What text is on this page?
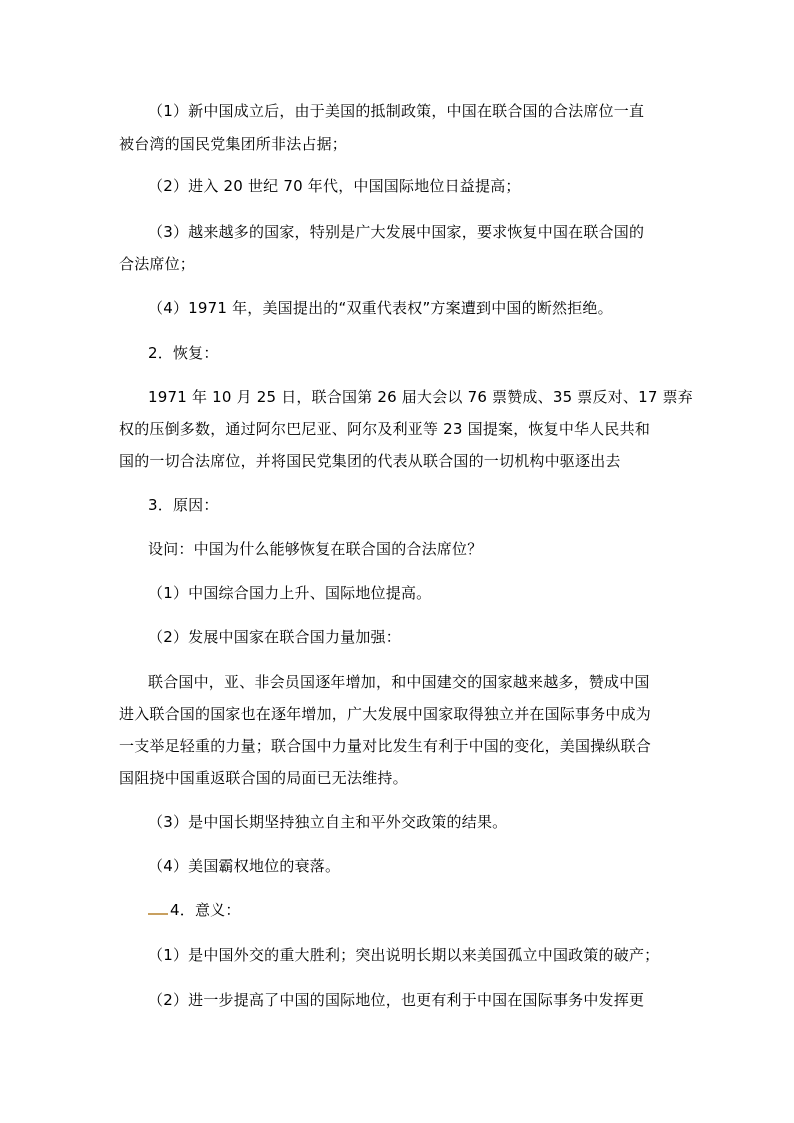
（1）新中国成立后，由于美国的抵制政策，中国在联合国的合法席位一直
被台湾的国民党集团所非法占据；
（2）进入 20 世纪 70 年代，中国国际地位日益提高；
（3）越来越多的国家，特别是广大发展中国家，要求恢复中国在联合国的
合法席位；
（4）1971 年，美国提出的“双重代表权”方案遭到中国的断然拒绝。
2．恢复：
1971 年 10 月 25 日，联合国第 26 届大会以 76 票赞成、35 票反对、17 票弃
权的压倒多数，通过阿尔巴尼亚、阿尔及利亚等 23 国提案，恢复中华人民共和
国的一切合法席位，并将国民党集团的代表从联合国的一切机构中驱逐出去
3．原因：
设问：中国为什么能够恢复在联合国的合法席位？
（1）中国综合国力上升、国际地位提高。
（2）发展中国家在联合国力量加强：
联合国中，亚、非会员国逐年增加，和中国建交的国家越来越多，赞成中国
进入联合国的国家也在逐年增加，广大发展中国家取得独立并在国际事务中成为
一支举足轻重的力量；联合国中力量对比发生有利于中国的变化，美国操纵联合
国阻挠中国重返联合国的局面已无法维持。
（3）是中国长期坚持独立自主和平外交政策的结果。
（4）美国霸权地位的衰落。
4．意义：
（1）是中国外交的重大胜利；突出说明长期以来美国孤立中国政策的破产；
（2）进一步提高了中国的国际地位，也更有利于中国在国际事务中发挥更
